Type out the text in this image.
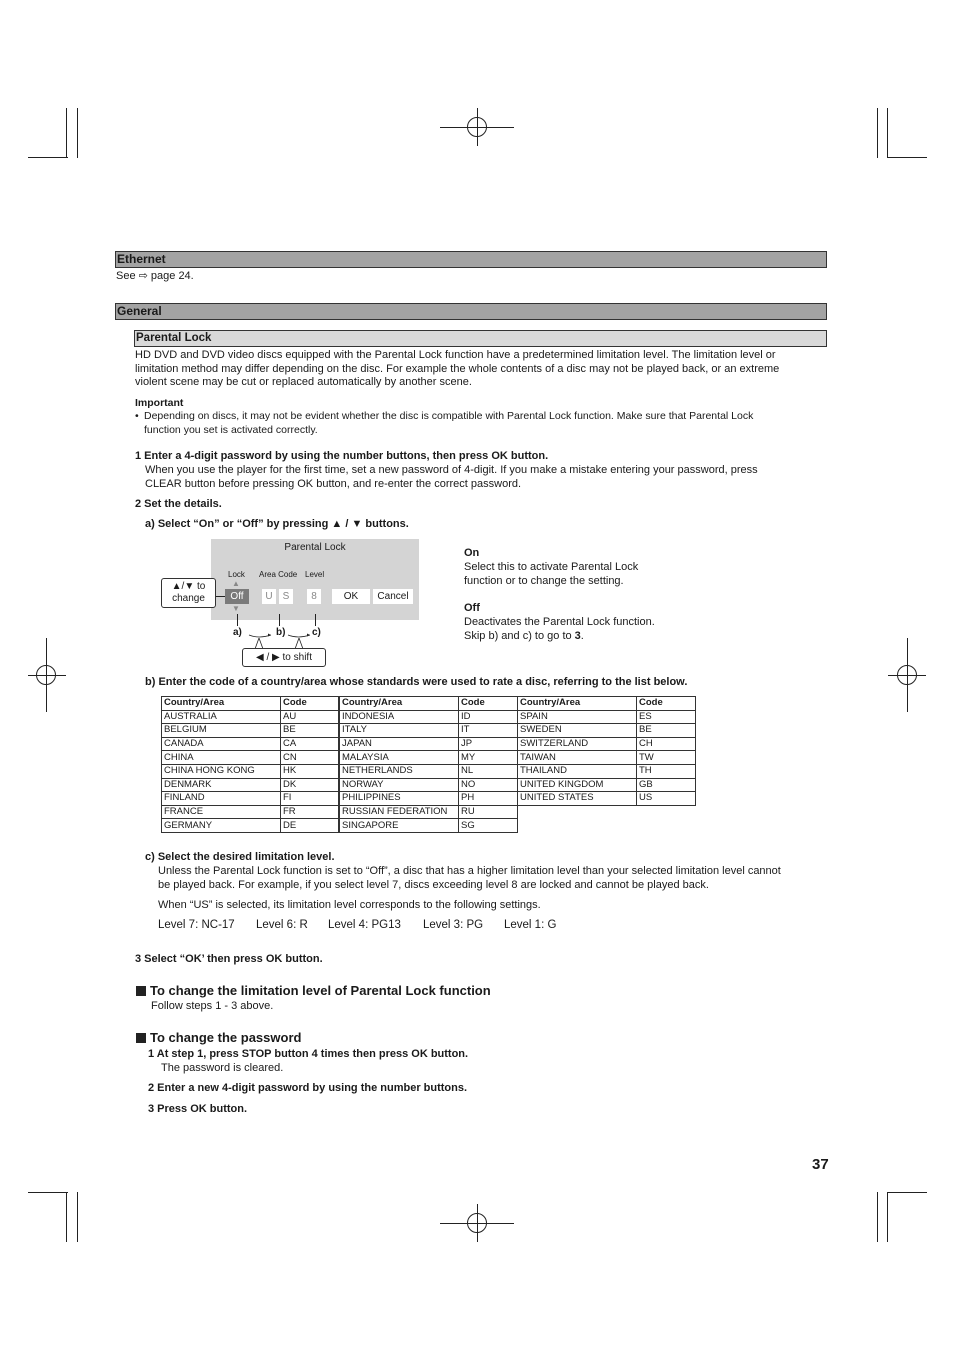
Ethernet
See ⇨ page 24.
General
Parental Lock
HD DVD and DVD video discs equipped with the Parental Lock function have a predetermined limitation level. The limitation level or
limitation method may differ depending on the disc. For example the whole contents of a disc may not be played back, or an extreme
violent scene may be cut or replaced automatically by another scene.
Important
• Depending on discs, it may not be evident whether the disc is compatible with Parental Lock function. Make sure that Parental Lock
function you set is activated correctly.
1 Enter a 4-digit password by using the number buttons, then press OK button.
When you use the player for the first time, set a new password of 4-digit. If you make a mistake entering your password, press
CLEAR button before pressing OK button, and re-enter the correct password.
2 Set the details.
a) Select “On” or “Off” by pressing ▲ / ▼ buttons.
Parental Lock
Lock Area Code Level
▲
▼
Off	U	S	8	OK	Cancel
▲/▼ to
change
a)	b)	c)
◀ / ▶ to shift
On
Select this to activate Parental Lock
function or to change the setting.
Off
Deactivates the Parental Lock function.
Skip b) and c) to go to 3.
b) Enter the code of a country/area whose standards were used to rate a disc, referring to the list below.
Country/Area	Code
AUSTRALIA	AU
BELGIUM	BE
CANADA	CA
CHINA	CN
CHINA HONG KONG	HK
DENMARK	DK
FINLAND	FI
FRANCE	FR
GERMANY	DE
Country/Area	Code
INDONESIA	ID
ITALY	IT
JAPAN	JP
MALAYSIA	MY
NETHERLANDS	NL
NORWAY	NO
PHILIPPINES	PH
RUSSIAN FEDERATION	RU
SINGAPORE	SG
Country/Area	Code
SPAIN	ES
SWEDEN	BE
SWITZERLAND	CH
TAIWAN	TW
THAILAND	TH
UNITED KINGDOM	GB
UNITED STATES	US
c) Select the desired limitation level.
Unless the Parental Lock function is set to “Off”, a disc that has a higher limitation level than your selected limitation level cannot
be played back. For example, if you select level 7, discs exceeding level 8 are locked and cannot be played back.
When “US” is selected, its limitation level corresponds to the following settings.
Level 7: NC-17 Level 6: R Level 4: PG13 Level 3: PG Level 1: G
3 Select “OK’ then press OK button.
To change the limitation level of Parental Lock function
Follow steps 1 - 3 above.
To change the password
1 At step 1, press STOP button 4 times then press OK button.
The password is cleared.
2 Enter a new 4-digit password by using the number buttons.
3 Press OK button.
37
